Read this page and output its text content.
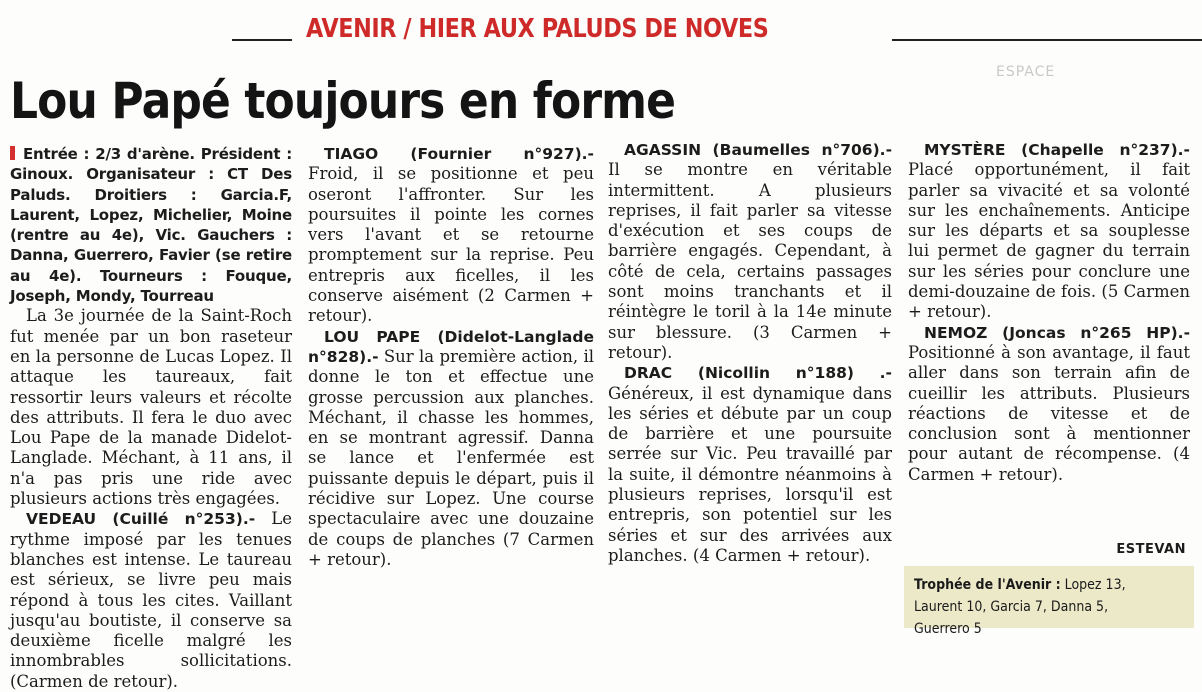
AVENIR / HIER AUX PALUDS DE NOVES
ESPACE
Lou Papé toujours en forme

Entrée : 2/3 d'arène. Président : Ginoux. Organisateur : CT Des Paluds. Droitiers : Garcia.F, Laurent, Lopez, Michelier, Moine (rentre au 4e), Vic. Gauchers : Danna, Guerrero, Favier (se retire au 4e). Tourneurs : Fouque, Joseph, Mondy, Tourreau

La 3e journée de la Saint-Roch fut menée par un bon raseteur en la personne de Lucas Lopez. Il attaque les taureaux, fait ressortir leurs valeurs et récolte des attributs. Il fera le duo avec Lou Pape de la manade Didelot-Langlade. Méchant, à 11 ans, il n'a pas pris une ride avec plusieurs actions très engagées.

VEDEAU (Cuillé n°253).- Le rythme imposé par les tenues blanches est intense. Le taureau est sérieux, se livre peu mais répond à tous les cites. Vaillant jusqu'au boutiste, il conserve sa deuxième ficelle malgré les innombrables sollicitations. (Carmen de retour).

TIAGO (Fournier n°927).- Froid, il se positionne et peu oseront l'affronter. Sur les poursuites il pointe les cornes vers l'avant et se retourne promptement sur la reprise. Peu entrepris aux ficelles, il les conserve aisément (2 Carmen + retour).

LOU PAPE (Didelot-Langlade n°828).- Sur la première action, il donne le ton et effectue une grosse percussion aux planches. Méchant, il chasse les hommes, en se montrant agressif. Danna se lance et l'enfermée est puissante depuis le départ, puis il récidive sur Lopez. Une course spectaculaire avec une douzaine de coups de planches (7 Carmen + retour).

AGASSIN (Baumelles n°706).- Il se montre en véritable intermittent. A plusieurs reprises, il fait parler sa vitesse d'exécution et ses coups de barrière engagés. Cependant, à côté de cela, certains passages sont moins tranchants et il réintègre le toril à la 14e minute sur blessure. (3 Carmen + retour).

DRAC (Nicollin n°188) .- Généreux, il est dynamique dans les séries et débute par un coup de barrière et une poursuite serrée sur Vic. Peu travaillé par la suite, il démontre néanmoins à plusieurs reprises, lorsqu'il est entrepris, son potentiel sur les séries et sur des arrivées aux planches. (4 Carmen + retour).

MYSTÈRE (Chapelle n°237).- Placé opportunément, il fait parler sa vivacité et sa volonté sur les enchaînements. Anticipe sur les départs et sa souplesse lui permet de gagner du terrain sur les séries pour conclure une demi-douzaine de fois. (5 Carmen + retour).

NEMOZ (Joncas n°265 HP).- Positionné à son avantage, il faut aller dans son terrain afin de cueillir les attributs. Plusieurs réactions de vitesse et de conclusion sont à mentionner pour autant de récompense. (4 Carmen + retour).

ESTEVAN
Trophée de l'Avenir : Lopez 13, Laurent 10, Garcia 7, Danna 5, Guerrero 5
